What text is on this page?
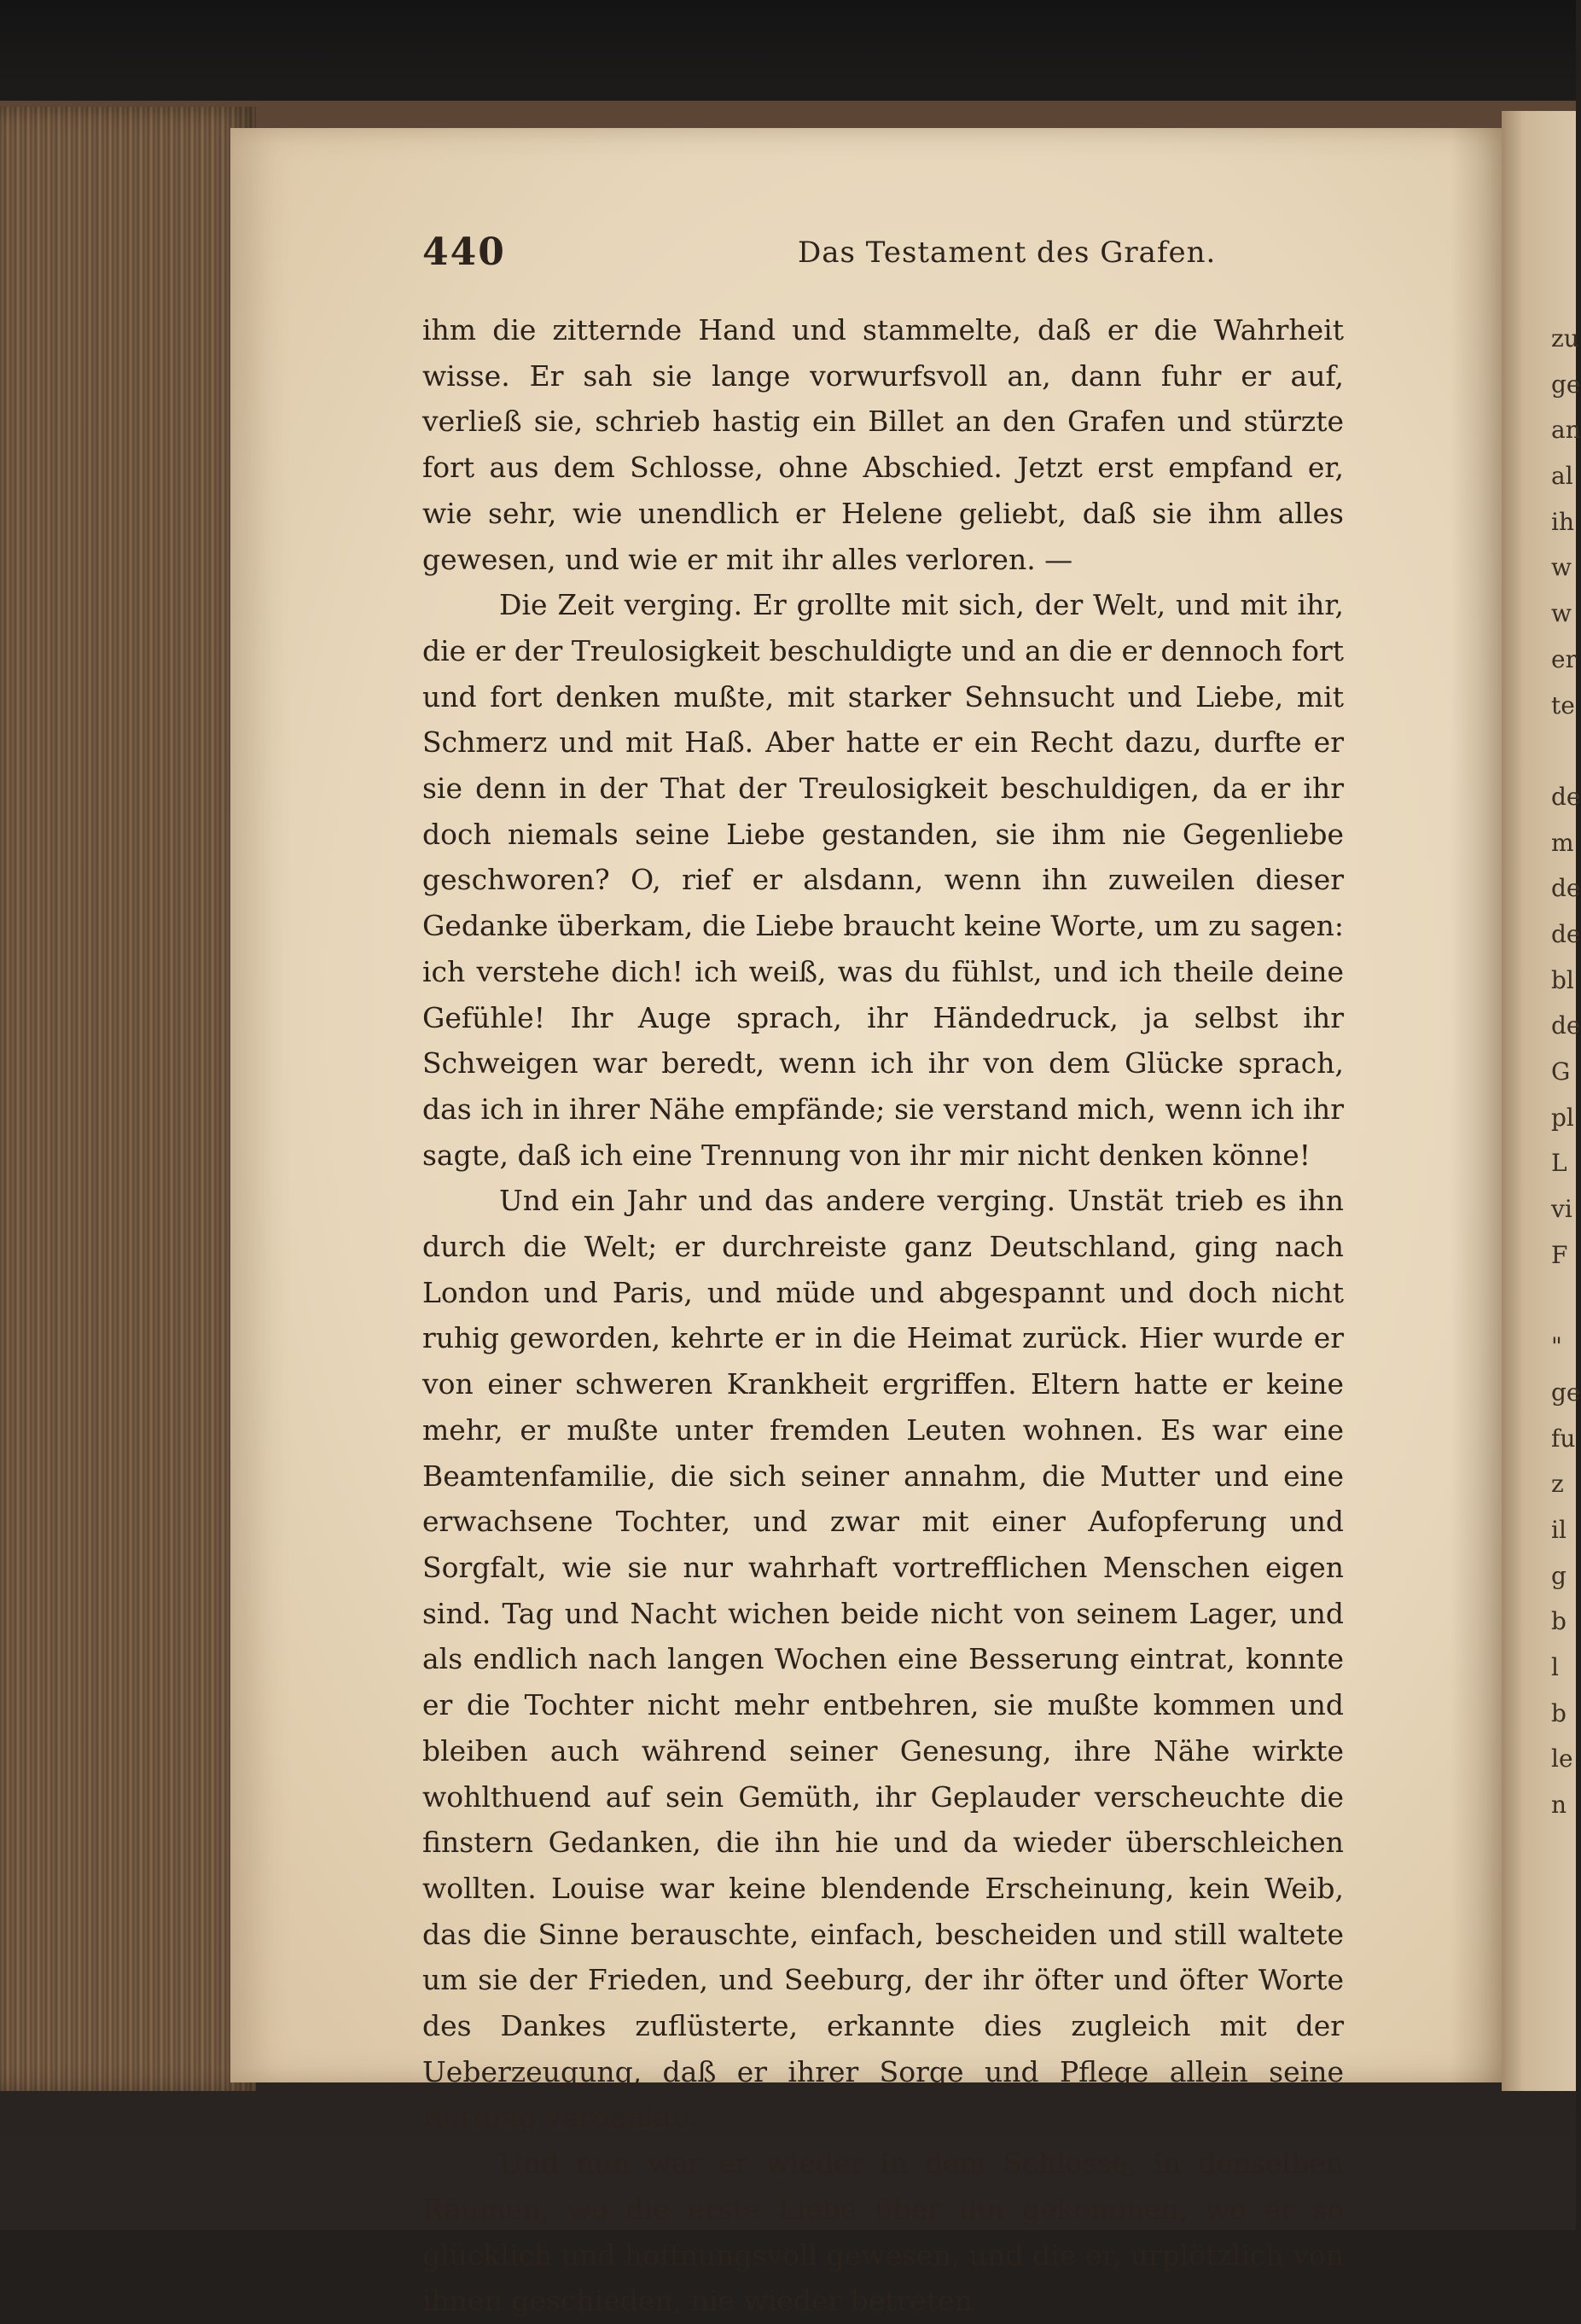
440	Das Testament des Grafen.

ihm die zitternde Hand und stammelte, daß er die Wahrheit wisse. Er sah sie lange vorwurfsvoll an, dann fuhr er auf, verließ sie, schrieb hastig ein Billet an den Grafen und stürzte fort aus dem Schlosse, ohne Abschied. Jetzt erst empfand er, wie sehr, wie unendlich er Helene geliebt, daß sie ihm alles gewesen, und wie er mit ihr alles verloren. —

Die Zeit verging. Er grollte mit sich, der Welt, und mit ihr, die er der Treulosigkeit beschuldigte und an die er dennoch fort und fort denken mußte, mit starker Sehnsucht und Liebe, mit Schmerz und mit Haß. Aber hatte er ein Recht dazu, durfte er sie denn in der That der Treulosigkeit beschuldigen, da er ihr doch niemals seine Liebe gestanden, sie ihm nie Gegenliebe geschworen? O, rief er alsdann, wenn ihn zuweilen dieser Gedanke überkam, die Liebe braucht keine Worte, um zu sagen: ich verstehe dich! ich weiß, was du fühlst, und ich theile deine Gefühle! Ihr Auge sprach, ihr Händedruck, ja selbst ihr Schweigen war beredt, wenn ich ihr von dem Glücke sprach, das ich in ihrer Nähe empfände; sie verstand mich, wenn ich ihr sagte, daß ich eine Trennung von ihr mir nicht denken könne!

Und ein Jahr und das andere verging. Unstät trieb es ihn durch die Welt; er durchreiste ganz Deutschland, ging nach London und Paris, und müde und abgespannt und doch nicht ruhig geworden, kehrte er in die Heimat zurück. Hier wurde er von einer schweren Krankheit ergriffen. Eltern hatte er keine mehr, er mußte unter fremden Leuten wohnen. Es war eine Beamtenfamilie, die sich seiner annahm, die Mutter und eine erwachsene Tochter, und zwar mit einer Aufopferung und Sorgfalt, wie sie nur wahrhaft vortrefflichen Menschen eigen sind. Tag und Nacht wichen beide nicht von seinem Lager, und als endlich nach langen Wochen eine Besserung eintrat, konnte er die Tochter nicht mehr entbehren, sie mußte kommen und bleiben auch während seiner Genesung, ihre Nähe wirkte wohlthuend auf sein Gemüth, ihr Geplauder verscheuchte die finstern Gedanken, die ihn hie und da wieder überschleichen wollten. Louise war keine blendende Erscheinung, kein Weib, das die Sinne berauschte, einfach, bescheiden und still waltete um sie der Frieden, und Seeburg, der ihr öfter und öfter Worte des Dankes zuflüsterte, erkannte dies zugleich mit der Ueberzeugung, daß er ihrer Sorge und Pflege allein seine Rettung verdankte.

Und nun war er wieder in dem Schlosse, in denselben Räumen, wo die erste Liebe über ihn gekommen, wo er so glücklich und hoffnungsvoll gewesen, und die er, urplötzlich von ihnen geschieden, nie wieder betreten

zu
ge
an
al
ih
w
w
er
te
de
m
de
de
bl
de
G
pl
L
vi
F
"
ge
fu
z
il
g
b
l
b
le
n
